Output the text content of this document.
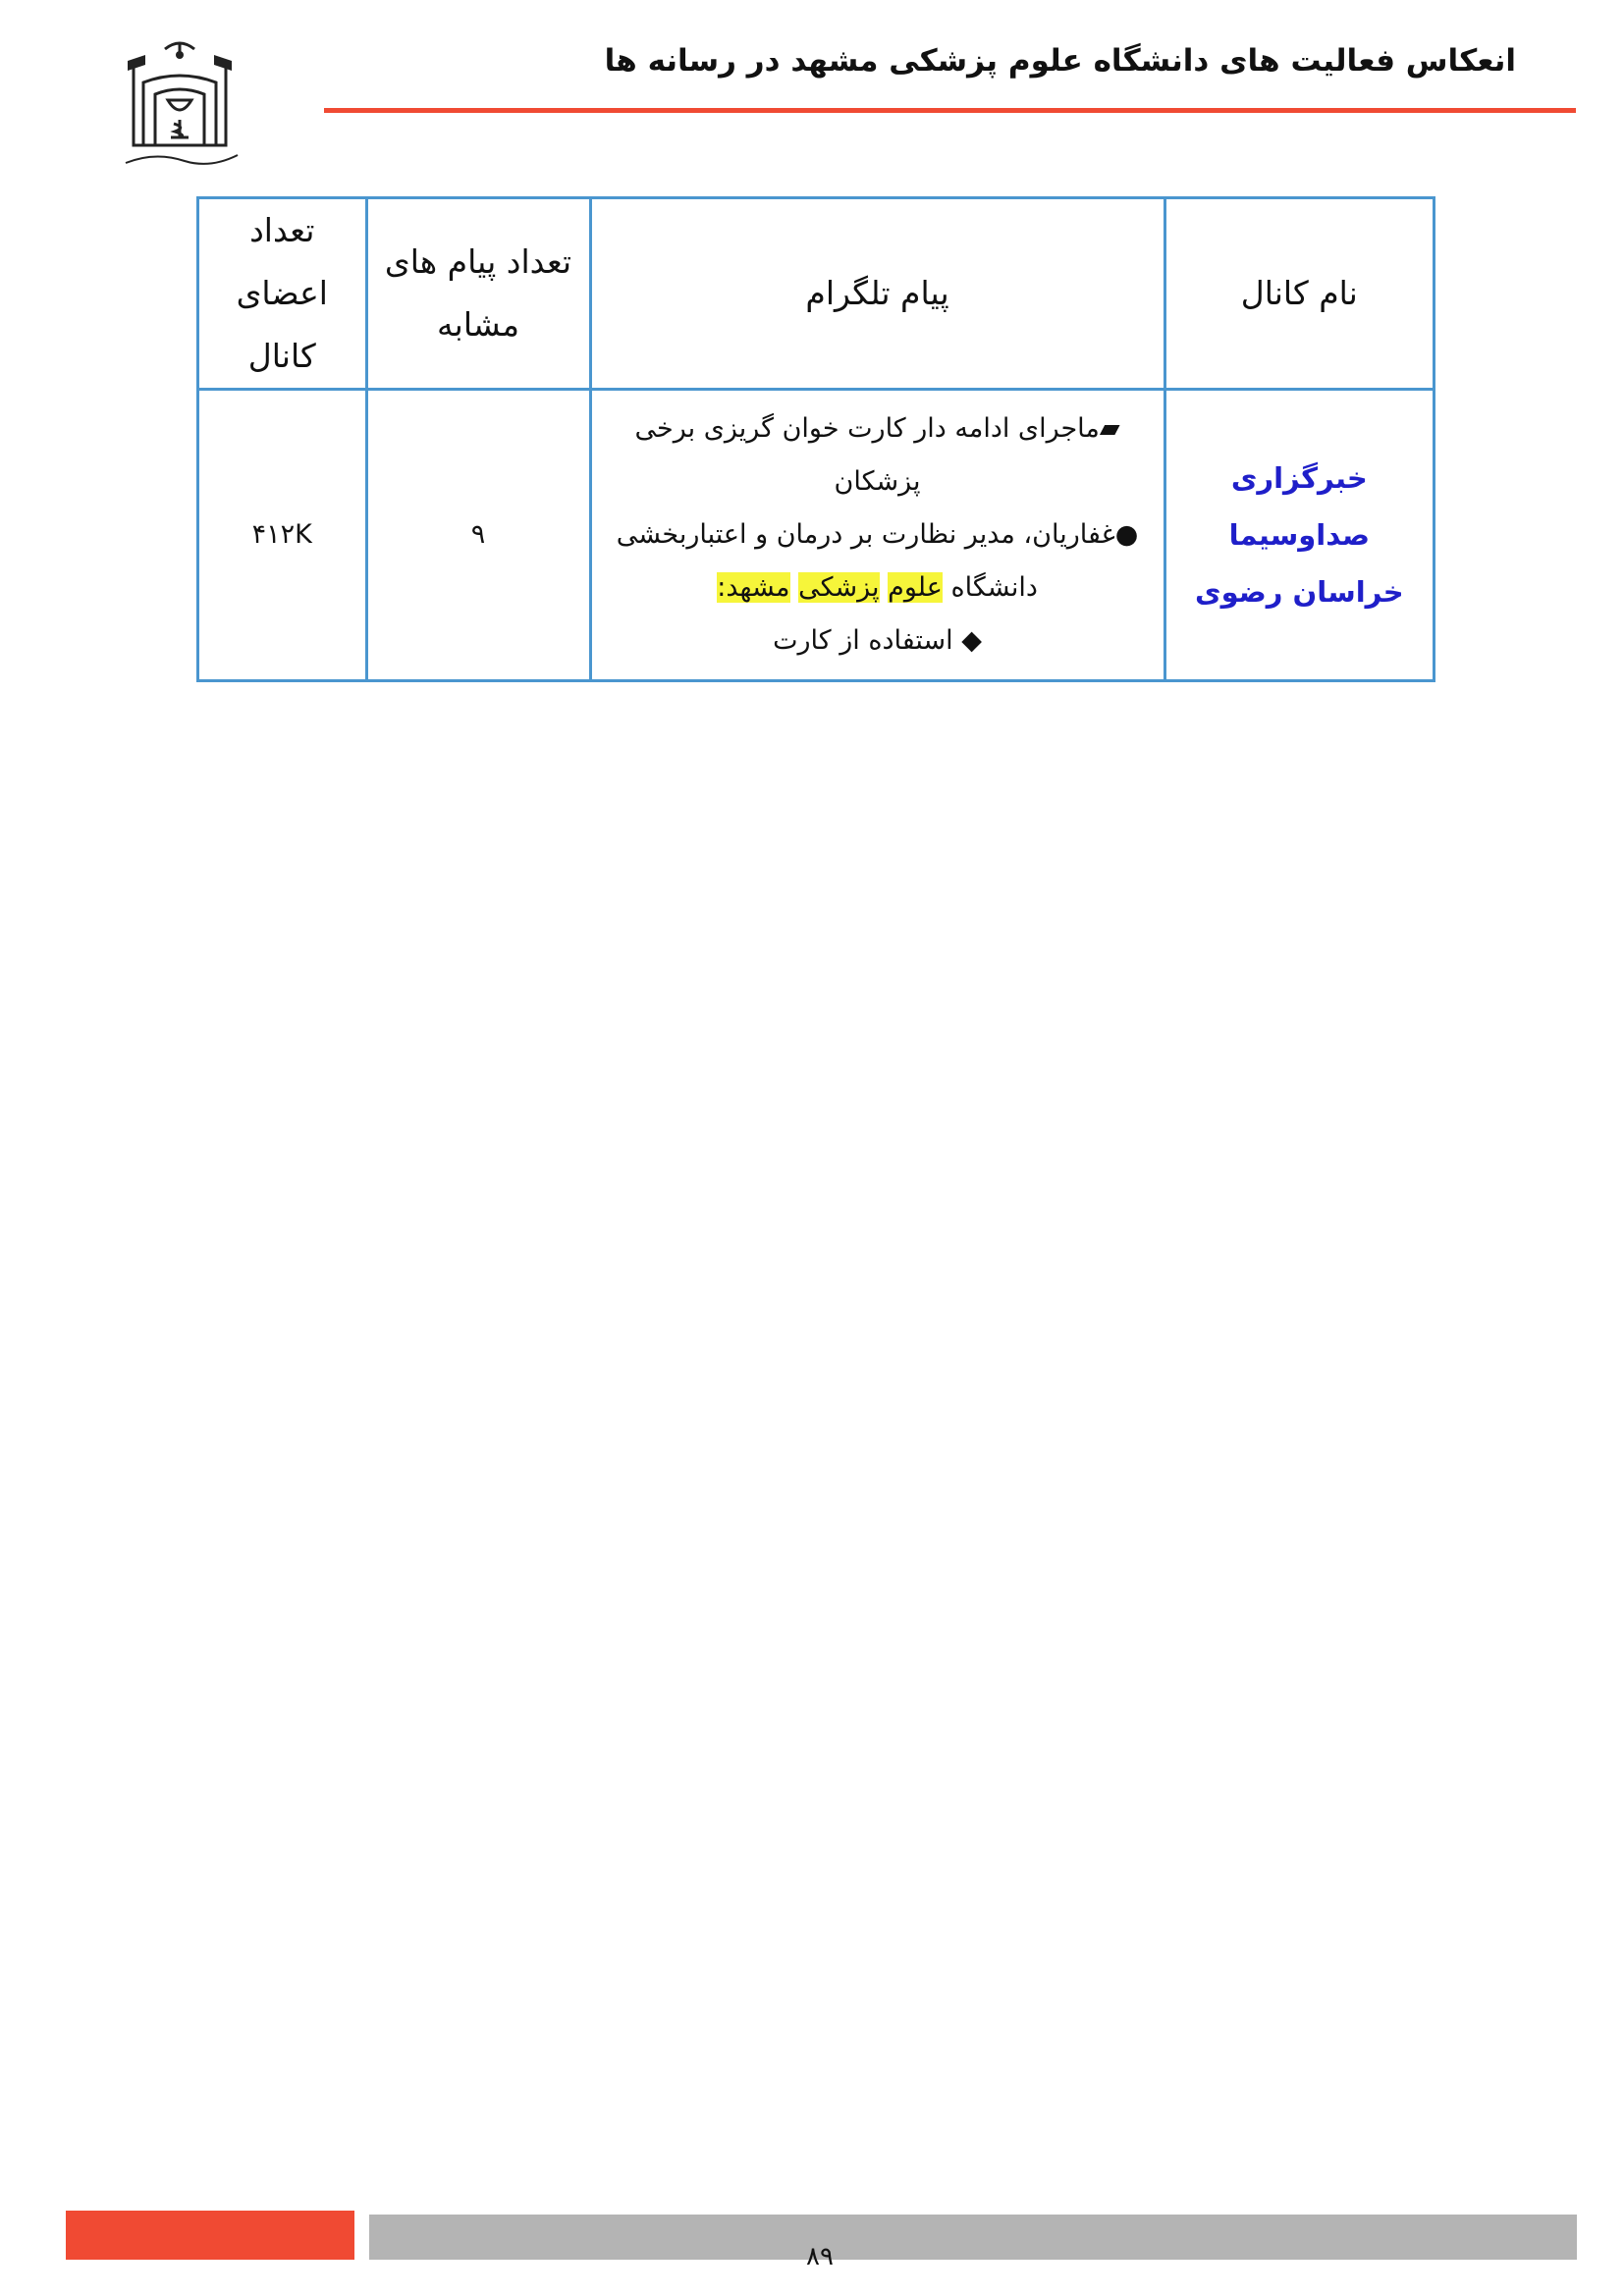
انعکاس فعالیت های دانشگاه علوم پزشکی مشهد در رسانه ها
نام کانال	پیام تلگرام	تعداد پیام های مشابه	تعداد اعضای کانال
خبرگزاری صداوسیما خراسان رضوی	▰ماجرای ادامه دار کارت خوان گریزی برخی پزشکان
●غفاریان، مدیر نظارت بر درمان و اعتباربخشی دانشگاه علوم پزشکی مشهد:
◆ استفاده از کارت	۹	۴۱۲K
۸۹
